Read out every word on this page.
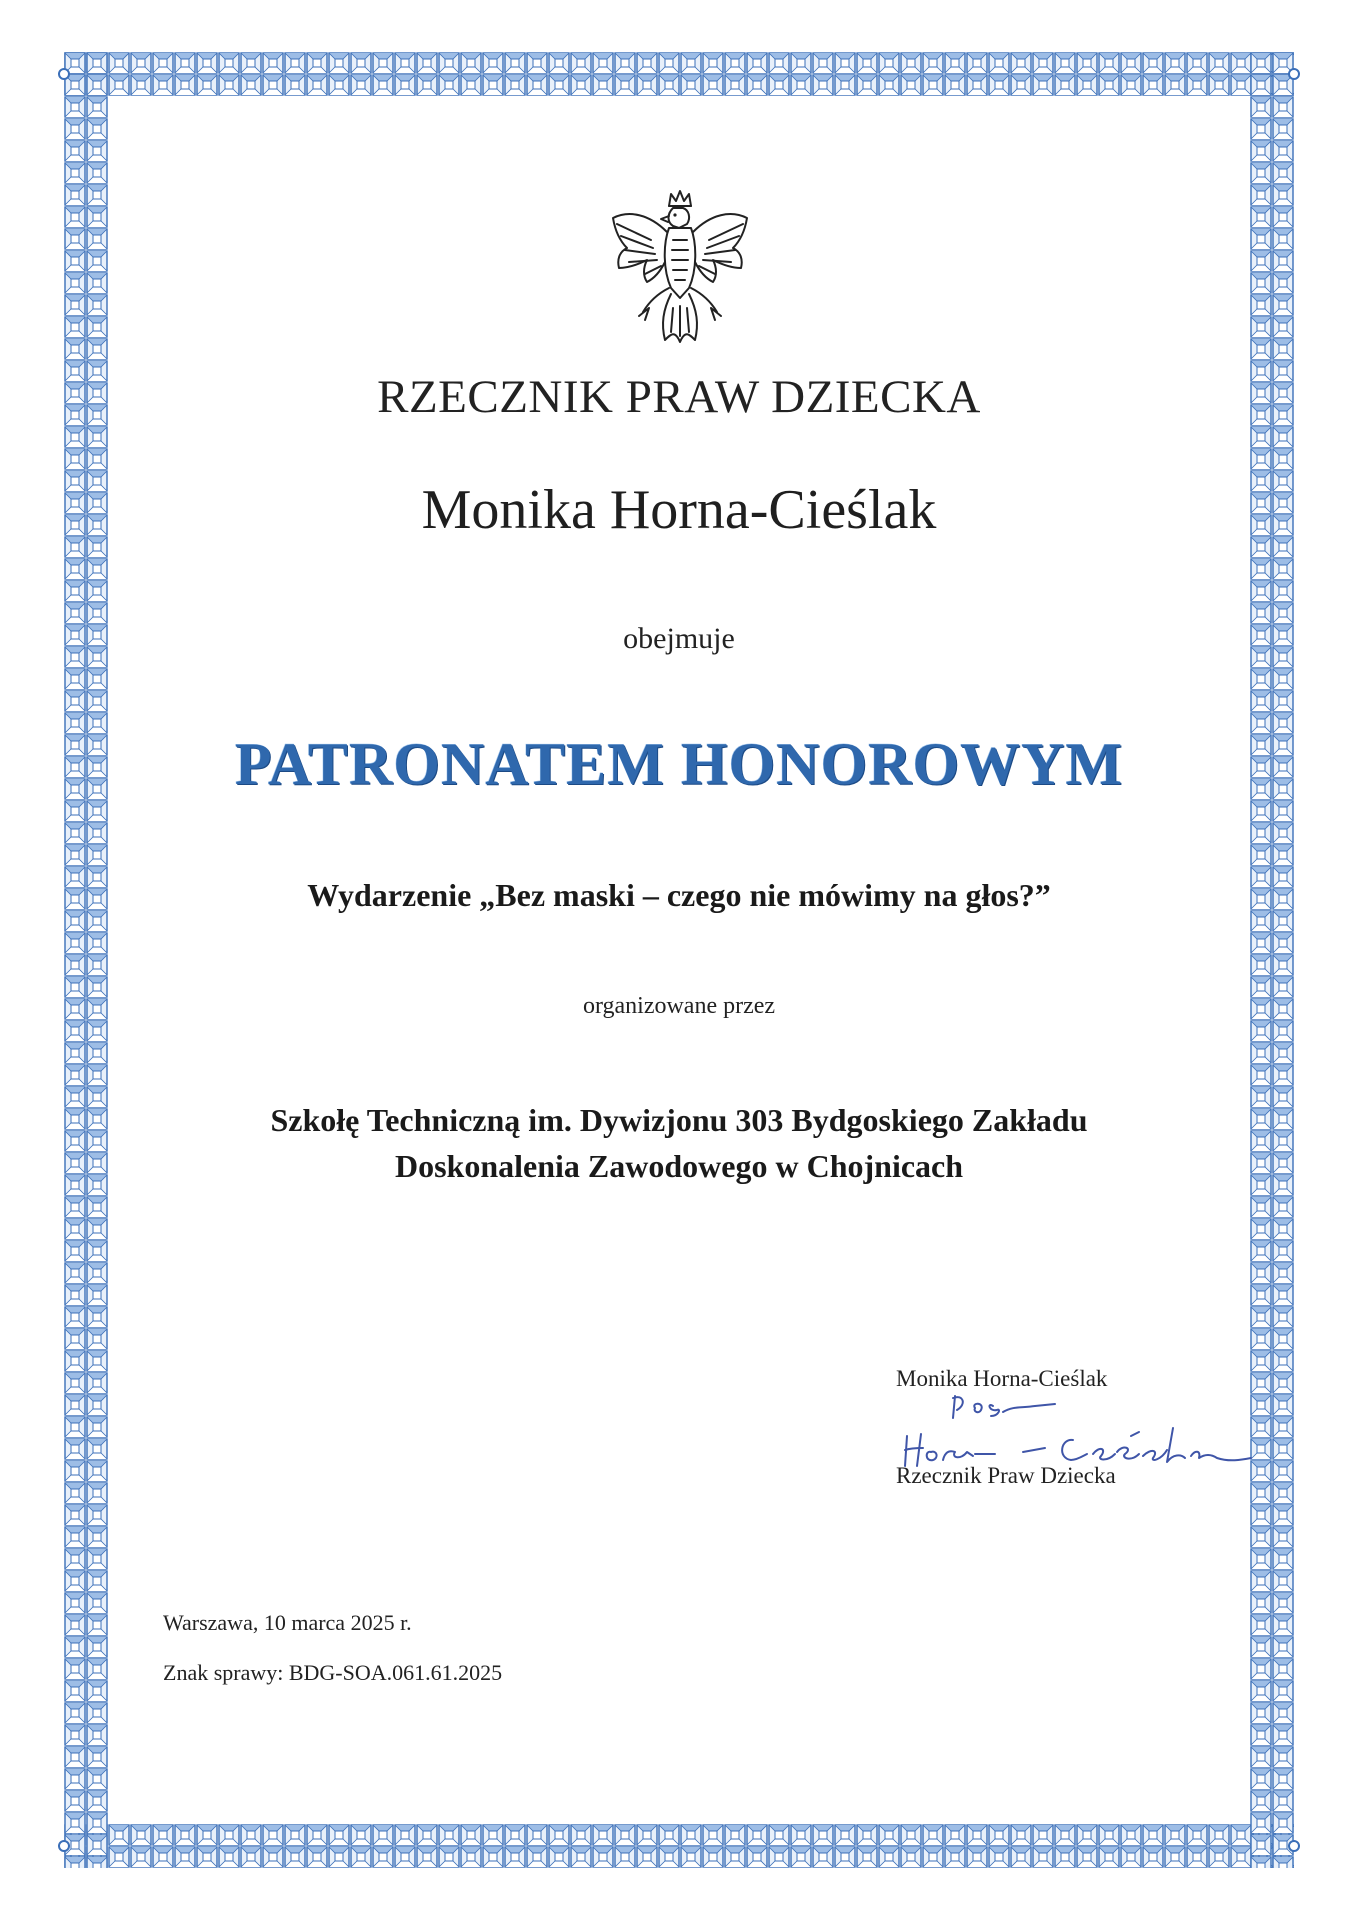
RZECZNIK PRAW DZIECKA
Monika Horna-Cieślak
obejmuje
PATRONATEM HONOROWYM
Wydarzenie „Bez maski – czego nie mówimy na głos?”
organizowane przez
Szkołę Techniczną im. Dywizjonu 303 Bydgoskiego Zakładu
Doskonalenia Zawodowego w Chojnicach
Monika Horna-Cieślak
Rzecznik Praw Dziecka
Warszawa, 10 marca 2025 r.
Znak sprawy: BDG-SOA.061.61.2025
